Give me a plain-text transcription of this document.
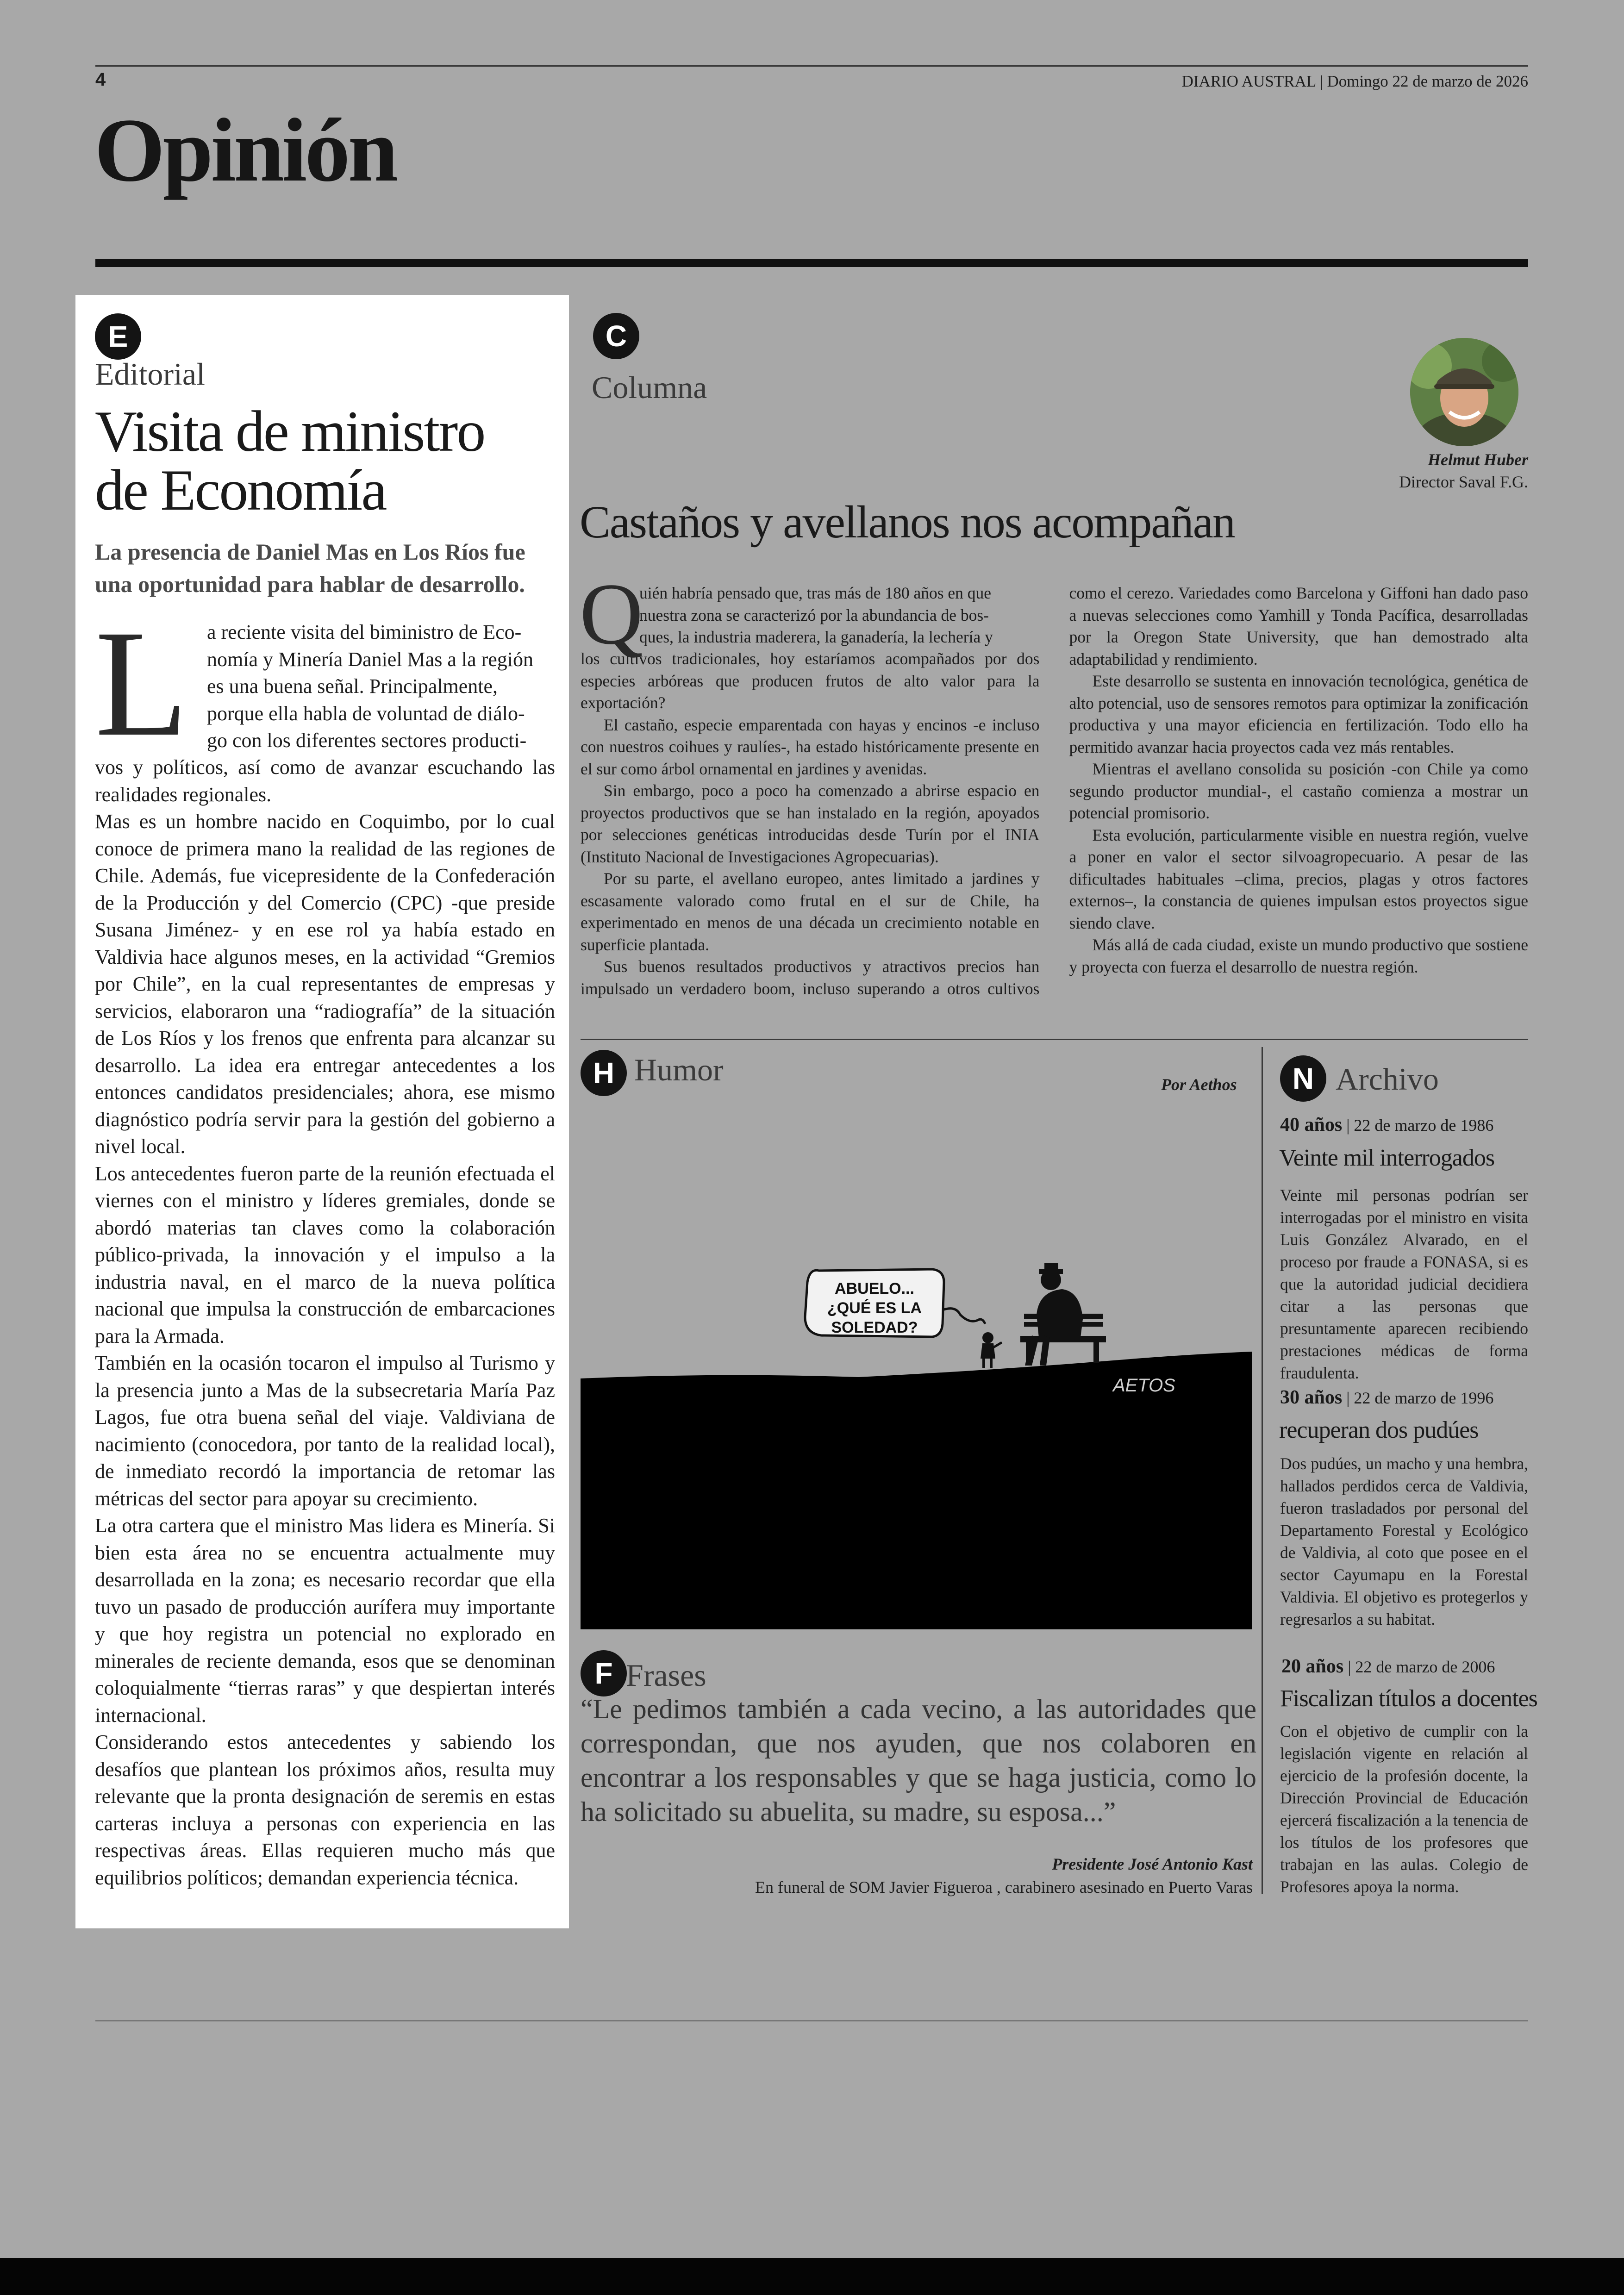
4	DIARIO AUSTRAL | Domingo 22 de marzo de 2026
Opinión
E
Editorial
Visita de ministro
de Economía
La presencia de Daniel Mas en Los Ríos fue
una oportunidad para hablar de desarrollo.
L a reciente visita del biministro de Eco-

nomía y Minería Daniel Mas a la región

es una buena señal. Principalmente,

porque ella habla de voluntad de diálo-

go con los diferentes sectores producti-

vos y políticos, así como de avanzar escuchando las realidades regionales.

Mas es un hombre nacido en Coquimbo, por lo cual conoce de primera mano la realidad de las regiones de Chile. Además, fue vicepresidente de la Confederación de la Producción y del Comercio (CPC) -que preside Susana Jiménez- y en ese rol ya había estado en Valdivia hace algunos meses, en la actividad “Gremios por Chile”, en la cual representantes de empresas y servicios, elaboraron una “radiografía” de la situación de Los Ríos y los frenos que enfrenta para alcanzar su desarrollo. La idea era entregar antecedentes a los entonces candidatos presidenciales; ahora, ese mismo diagnóstico podría servir para la gestión del gobierno a nivel local.

Los antecedentes fueron parte de la reunión efectuada el viernes con el ministro y líderes gremiales, donde se abordó materias tan claves como la colaboración público-privada, la innovación y el impulso a la industria naval, en el marco de la nueva política nacional que impulsa la construcción de embarcaciones para la Armada.

También en la ocasión tocaron el impulso al Turismo y la presencia junto a Mas de la subsecretaria María Paz Lagos, fue otra buena señal del viaje. Valdiviana de nacimiento (conocedora, por tanto de la realidad local), de inmediato recordó la importancia de retomar las métricas del sector para apoyar su crecimiento.

La otra cartera que el ministro Mas lidera es Minería. Si bien esta área no se encuentra actualmente muy desarrollada en la zona; es necesario recordar que ella tuvo un pasado de producción aurífera muy importante y que hoy registra un potencial no explorado en minerales de reciente demanda, esos que se denominan coloquialmente “tierras raras” y que despiertan interés internacional.

Considerando estos antecedentes y sabiendo los desafíos que plantean los próximos años, resulta muy relevante que la pronta designación de seremis en estas carteras incluya a personas con experiencia en las respectivas áreas. Ellas requieren mucho más que equilibrios políticos; demandan experiencia técnica.

C
Columna
Helmut Huber
Director Saval F.G.
Castaños y avellanos nos acompañan
Q

uién habría pensado que, tras más de 180 años en que

nuestra zona se caracterizó por la abundancia de bos-

ques, la industria maderera, la ganadería, la lechería y

los cultivos tradicionales, hoy estaríamos acompañados por dos especies arbóreas que producen frutos de alto valor para la exportación?

El castaño, especie emparentada con hayas y encinos -e incluso con nuestros coihues y raulíes-, ha estado históricamente presente en el sur como árbol ornamental en jardines y avenidas.

Sin embargo, poco a poco ha comenzado a abrirse espacio en proyectos productivos que se han instalado en la región, apoyados por selecciones genéticas introducidas desde Turín por el INIA (Instituto Nacional de Investigaciones Agropecuarias).

Por su parte, el avellano europeo, antes limitado a jardines y escasamente valorado como frutal en el sur de Chile, ha experimentado en menos de una década un crecimiento notable en superficie plantada.

Sus buenos resultados productivos y atractivos precios han impulsado un verdadero boom, incluso superando a otros cultivos como el cerezo. Variedades como Barcelona y Giffoni han dado paso a nuevas selecciones como Yamhill y Tonda Pacífica, desarrolladas por la Oregon State University, que han demostrado alta adaptabilidad y rendimiento.

Este desarrollo se sustenta en innovación tecnológica, genética de alto potencial, uso de sensores remotos para optimizar la zonificación productiva y una mayor eficiencia en fertilización. Todo ello ha permitido avanzar hacia proyectos cada vez más rentables.

Mientras el avellano consolida su posición -con Chile ya como segundo productor mundial-, el castaño comienza a mostrar un potencial promisorio.

Esta evolución, particularmente visible en nuestra región, vuelve a poner en valor el sector silvoagropecuario. A pesar de las dificultades habituales –clima, precios, plagas y otros factores externos–, la constancia de quienes impulsan estos proyectos sigue siendo clave.

Más allá de cada ciudad, existe un mundo productivo que sostiene y proyecta con fuerza el desarrollo de nuestra región.

H Humor	Por Aethos
ABUELO...
¿QUÉ ES LA
SOLEDAD?
AETOS
F Frases
“Le pedimos también a cada vecino, a las autoridades que correspondan, que nos ayuden, que nos colaboren en encontrar a los responsables y que se haga justicia, como lo ha solicitado su abuelita, su madre, su esposa...”
Presidente José Antonio Kast
En funeral de SOM Javier Figueroa , carabinero asesinado en Puerto Varas
N Archivo
40 años | 22 de marzo de 1986
Veinte mil interrogados

Veinte mil personas podrían ser interrogadas por el ministro en visita Luis González Alvarado, en el proceso por fraude a FONASA, si es que la autoridad judicial decidiera citar a las personas que presuntamente aparecen recibiendo prestaciones médicas de forma fraudulenta.

30 años | 22 de marzo de 1996
recuperan dos pudúes

Dos pudúes, un macho y una hembra, hallados perdidos cerca de Valdivia, fueron trasladados por personal del Departamento Forestal y Ecológico de Valdivia, al coto que posee en el sector Cayumapu en la Forestal Valdivia. El objetivo es protegerlos y regresarlos a su habitat.

20 años | 22 de marzo de 2006
Fiscalizan títulos a docentes

Con el objetivo de cumplir con la legislación vigente en relación al ejercicio de la profesión docente, la Dirección Provincial de Educación ejercerá fiscalización a la tenencia de los títulos de los profesores que trabajan en las aulas. Colegio de Profesores apoya la norma.
